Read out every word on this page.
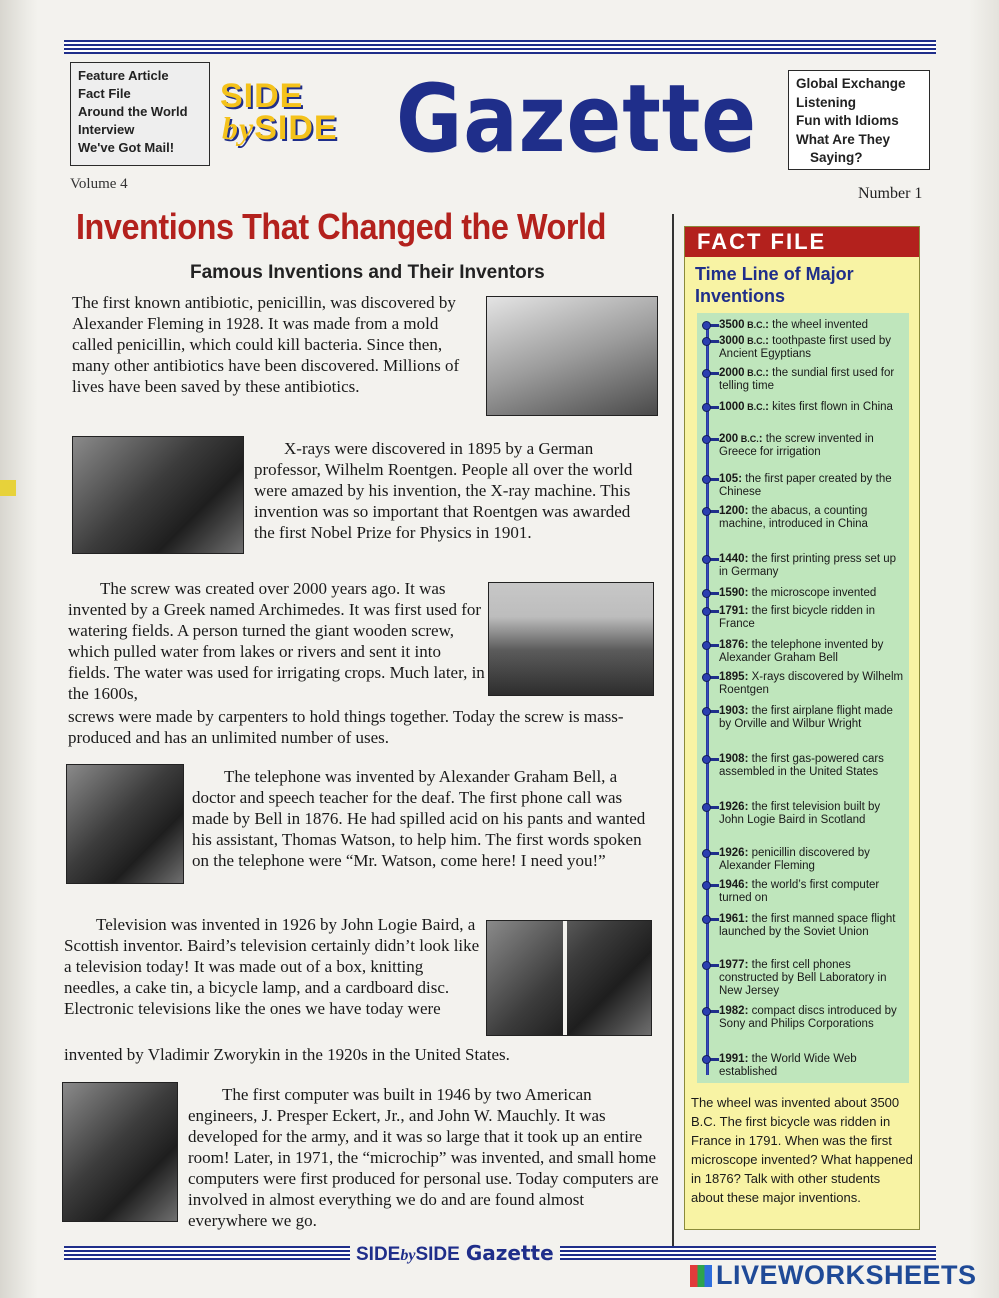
Feature Article
Fact File
Around the World
Interview
We've Got Mail!
SIDE
bySIDE Gazette	Global Exchange
Listening
Fun with Idioms
What Are They
Saying?
Volume 4
Number 1
Inventions That Changed the World
Famous Inventions and Their Inventors
The first known antibiotic, penicillin, was discovered by Alexander Fleming in 1928. It was made from a mold called penicillin, which could kill bacteria. Since then, many other antibiotics have been discovered. Millions of lives have been saved by these antibiotics.
X-rays were discovered in 1895 by a German professor, Wilhelm Roentgen. People all over the world were amazed by his invention, the X-ray machine. This invention was so important that Roentgen was awarded the first Nobel Prize for Physics in 1901.
The screw was created over 2000 years ago. It was invented by a Greek named Archimedes. It was first used for watering fields. A person turned the giant wooden screw, which pulled water from lakes or rivers and sent it into fields. The water was used for irrigating crops. Much later, in the 1600s,
screws were made by carpenters to hold things together. Today the screw is mass-produced and has an unlimited number of uses.
The telephone was invented by Alexander Graham Bell, a doctor and speech teacher for the deaf. The first phone call was made by Bell in 1876. He had spilled acid on his pants and wanted his assistant, Thomas Watson, to help him. The first words spoken on the telephone were “Mr. Watson, come here! I need you!”
Television was invented in 1926 by John Logie Baird, a Scottish inventor. Baird’s television certainly didn’t look like a television today! It was made out of a box, knitting needles, a cake tin, a bicycle lamp, and a cardboard disc. Electronic televisions like the ones we have today were
invented by Vladimir Zworykin in the 1920s in the United States.
The first computer was built in 1946 by two American engineers, J. Presper Eckert, Jr., and John W. Mauchly. It was developed for the army, and it was so large that it took up an entire room! Later, in 1971, the “microchip” was invented, and small home computers were first produced for personal use. Today computers are involved in almost everything we do and are found almost everywhere we go.
FACT FILE
Time Line of Major Inventions
3500 B.C.: the wheel invented
3000 B.C.: toothpaste first used by Ancient Egyptians
2000 B.C.: the sundial first used for telling time
1000 B.C.: kites first flown in China
200 B.C.: the screw invented in Greece for irrigation
105: the first paper created by the Chinese
1200: the abacus, a counting machine, introduced in China
1440: the first printing press set up in Germany
1590: the microscope invented
1791: the first bicycle ridden in France
1876: the telephone invented by Alexander Graham Bell
1895: X-rays discovered by Wilhelm Roentgen
1903: the first airplane flight made by Orville and Wilbur Wright
1908: the first gas-powered cars assembled in the United States
1926: the first television built by John Logie Baird in Scotland
1926: penicillin discovered by Alexander Fleming
1946: the world’s first computer turned on
1961: the first manned space flight launched by the Soviet Union
1977: the first cell phones constructed by Bell Laboratory in New Jersey
1982: compact discs introduced by Sony and Philips Corporations
1991: the World Wide Web established
The wheel was invented about 3500 B.C. The first bicycle was ridden in France in 1791. When was the first microscope invented? What happened in 1876? Talk with other students about these major inventions.
SIDEbySIDE Gazette
LIVEWORKSHEETS
